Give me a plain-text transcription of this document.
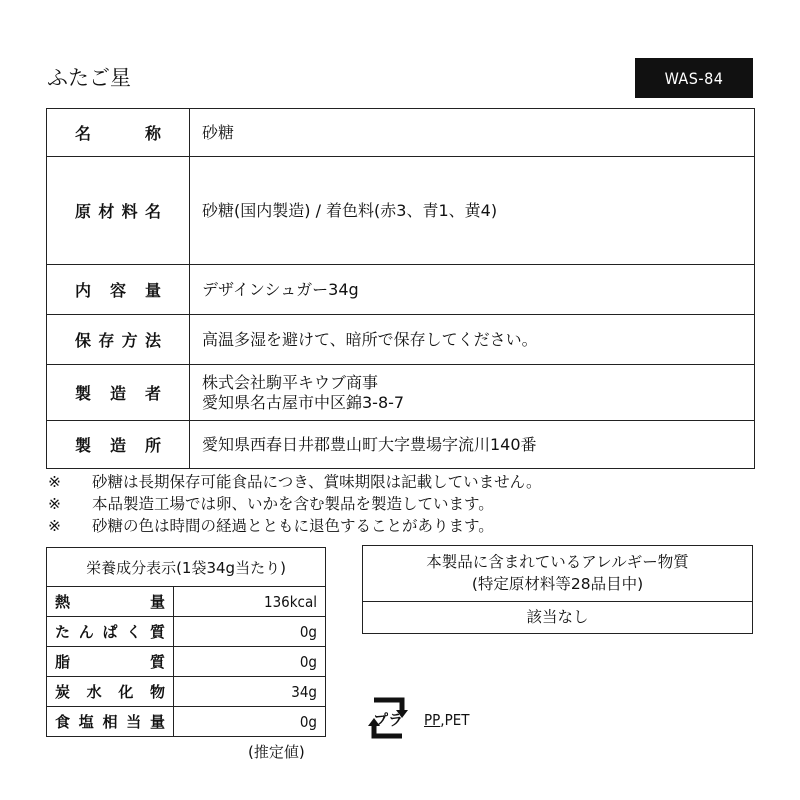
ふたご星	WAS-84
名 称	砂糖

原 材 料 名	砂糖(国内製造) / 着色料(赤3、青1、黄4)

内 容 量	デザインシュガー34g

保 存 方 法	高温多湿を避けて、暗所で保存してください。

製 造 者	株式会社駒平キウブ商事
愛知県名古屋市中区錦3-8-7

製 造 所	愛知県西春日井郡豊山町大字豊場字流川140番
※	砂糖は長期保存可能食品につき、賞味期限は記載していません。
※	本品製造工場では卵、いかを含む製品を製造しています。
※	砂糖の色は時間の経過とともに退色することがあります。
栄養成分表示(1袋34g当たり)	

熱 量	136kcal

た ん ぱ く 質	0g

脂 質	0g

炭 水 化 物	34g

食 塩 相 当 量	0g
(推定値)
本製品に含まれているアレルギー物質
(特定原材料等28品目中)
該当なし
プラ PP,PET
